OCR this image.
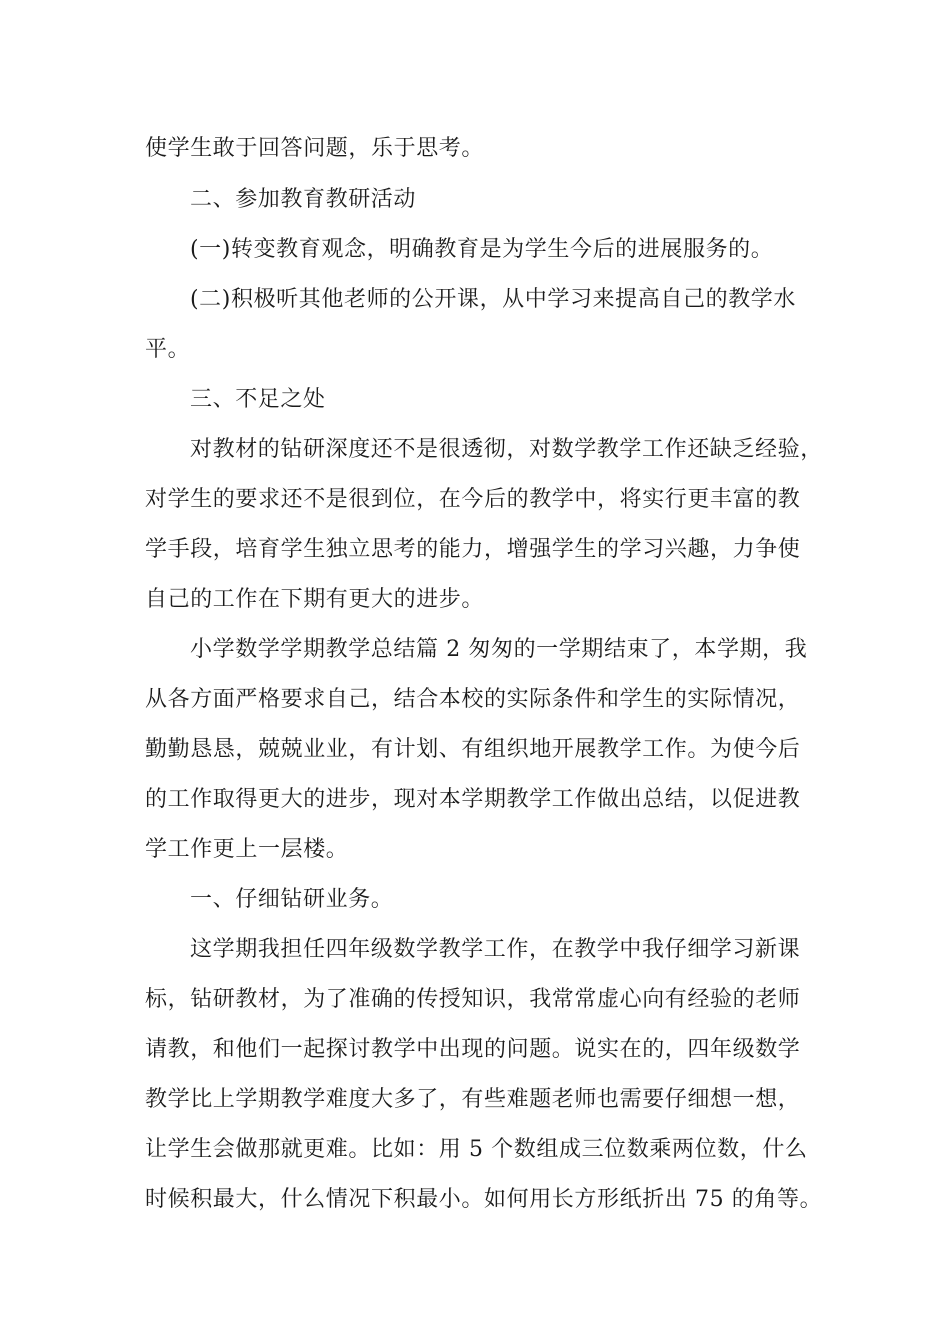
使学生敢于回答问题，乐于思考。
二、参加教育教研活动
(一)转变教育观念，明确教育是为学生今后的进展服务的。
(二)积极听其他老师的公开课，从中学习来提高自己的教学水
平。
三、不足之处
对教材的钻研深度还不是很透彻，对数学教学工作还缺乏经验，
对学生的要求还不是很到位，在今后的教学中，将实行更丰富的教
学手段，培育学生独立思考的能力，增强学生的学习兴趣，力争使
自己的工作在下期有更大的进步。
小学数学学期教学总结篇 2 匆匆的一学期结束了，本学期，我
从各方面严格要求自己，结合本校的实际条件和学生的实际情况，
勤勤恳恳，兢兢业业，有计划、有组织地开展教学工作。为使今后
的工作取得更大的进步，现对本学期教学工作做出总结，以促进教
学工作更上一层楼。
一、仔细钻研业务。
这学期我担任四年级数学教学工作，在教学中我仔细学习新课
标，钻研教材，为了准确的传授知识，我常常虚心向有经验的老师
请教，和他们一起探讨教学中出现的问题。说实在的，四年级数学
教学比上学期教学难度大多了，有些难题老师也需要仔细想一想，
让学生会做那就更难。比如：用 5 个数组成三位数乘两位数，什么
时候积最大，什么情况下积最小。如何用长方形纸折出 75 的角等。
